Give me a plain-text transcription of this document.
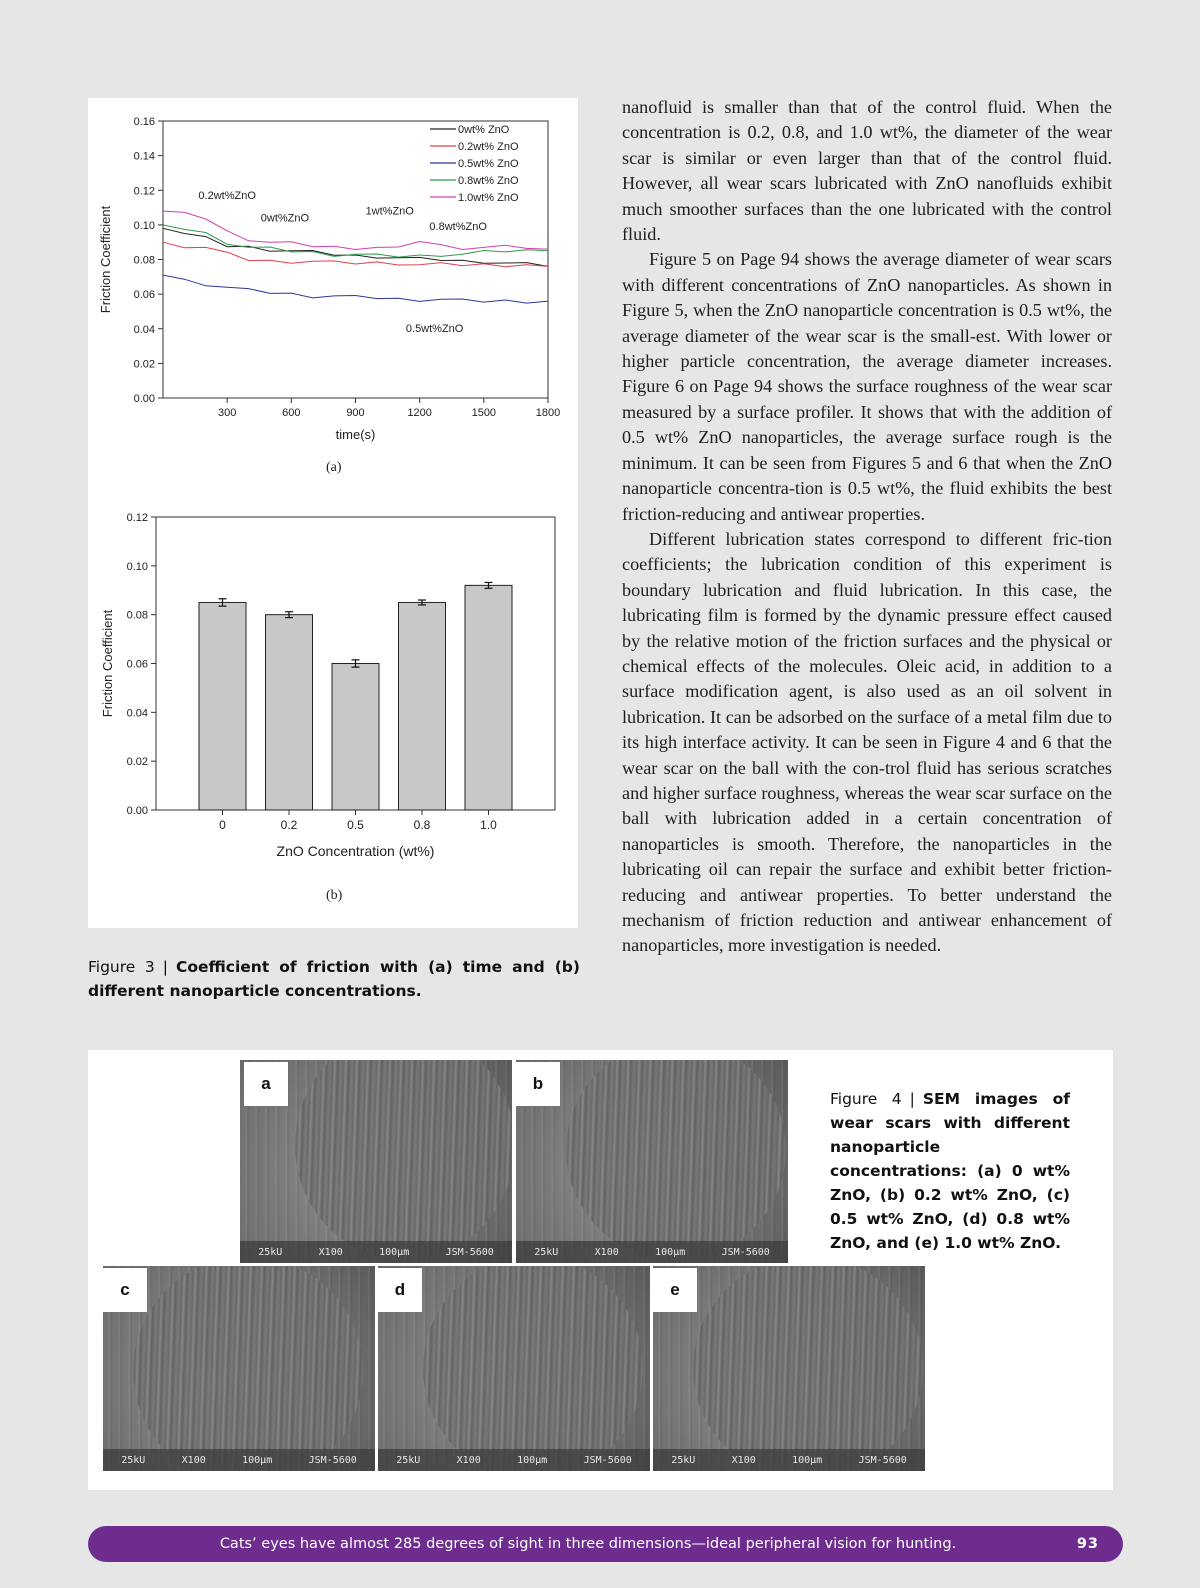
0.00
0.02
0.04
0.06
0.08
0.10
0.12
0.14
0.16
300	600	900	1200	1500	1800
time(s)
Friction Coefficient
0wt% ZnO
0.2wt% ZnO
0.5wt% ZnO
0.8wt% ZnO
1.0wt% ZnO
0.2wt%ZnO
0wt%ZnO
1wt%ZnO
0.8wt%ZnO
0.5wt%ZnO
(a)
0.00
0.02
0.04
0.06
0.08
0.10
0.12
0	0.2	0.5	0.8	1.0
ZnO Concentration (wt%)
Friction Coefficient
(b)
Figure 3 | Coefficient of friction with (a) time and (b) different nanoparticle concentrations.

nanofluid is smaller than that of the control fluid. When the concentration is 0.2, 0.8, and 1.0 wt%, the diameter of the wear scar is similar or even larger than that of the control fluid. However, all wear scars lubricated with ZnO nanofluids exhibit much smoother surfaces than the one lubricated with the control fluid.

Figure 5 on Page 94 shows the average diameter of wear scars with different concentrations of ZnO nanoparticles. As shown in Figure 5, when the ZnO nanoparticle concentration is 0.5 wt%, the average diameter of the wear scar is the small-est. With lower or higher particle concentration, the average diameter increases. Figure 6 on Page 94 shows the surface roughness of the wear scar measured by a surface profiler. It shows that with the addition of 0.5 wt% ZnO nanoparticles, the average surface rough is the minimum. It can be seen from Figures 5 and 6 that when the ZnO nanoparticle concentra-tion is 0.5 wt%, the fluid exhibits the best friction-reducing and antiwear properties.

Different lubrication states correspond to different fric-tion coefficients; the lubrication condition of this experiment is boundary lubrication and fluid lubrication. In this case, the lubricating film is formed by the dynamic pressure effect caused by the relative motion of the friction surfaces and the physical or chemical effects of the molecules. Oleic acid, in addition to a surface modification agent, is also used as an oil solvent in lubrication. It can be adsorbed on the surface of a metal film due to its high interface activity. It can be seen in Figure 4 and 6 that the wear scar on the ball with the con-trol fluid has serious scratches and higher surface roughness, whereas the wear scar surface on the ball with lubrication added in a certain concentration of nanoparticles is smooth. Therefore, the nanoparticles in the lubricating oil can repair the surface and exhibit better friction- reducing and antiwear properties. To better understand the mechanism of friction reduction and antiwear enhancement of nanoparticles, more investigation is needed.

25kU	X100	100μm	JSM-5600
a
25kU	X100	100μm	JSM-5600
b
25kU	X100	100μm	JSM-5600
c
25kU	X100	100μm	JSM-5600
d
25kU	X100	100μm	JSM-5600
e
Figure 4 | SEM images of wear scars with different nanoparticle concentrations: (a) 0 wt% ZnO, (b) 0.2 wt% ZnO, (c) 0.5 wt% ZnO, (d) 0.8 wt% ZnO, and (e) 1.0 wt% ZnO.
Cats’ eyes have almost 285 degrees of sight in three dimensions—ideal peripheral vision for hunting.	93
